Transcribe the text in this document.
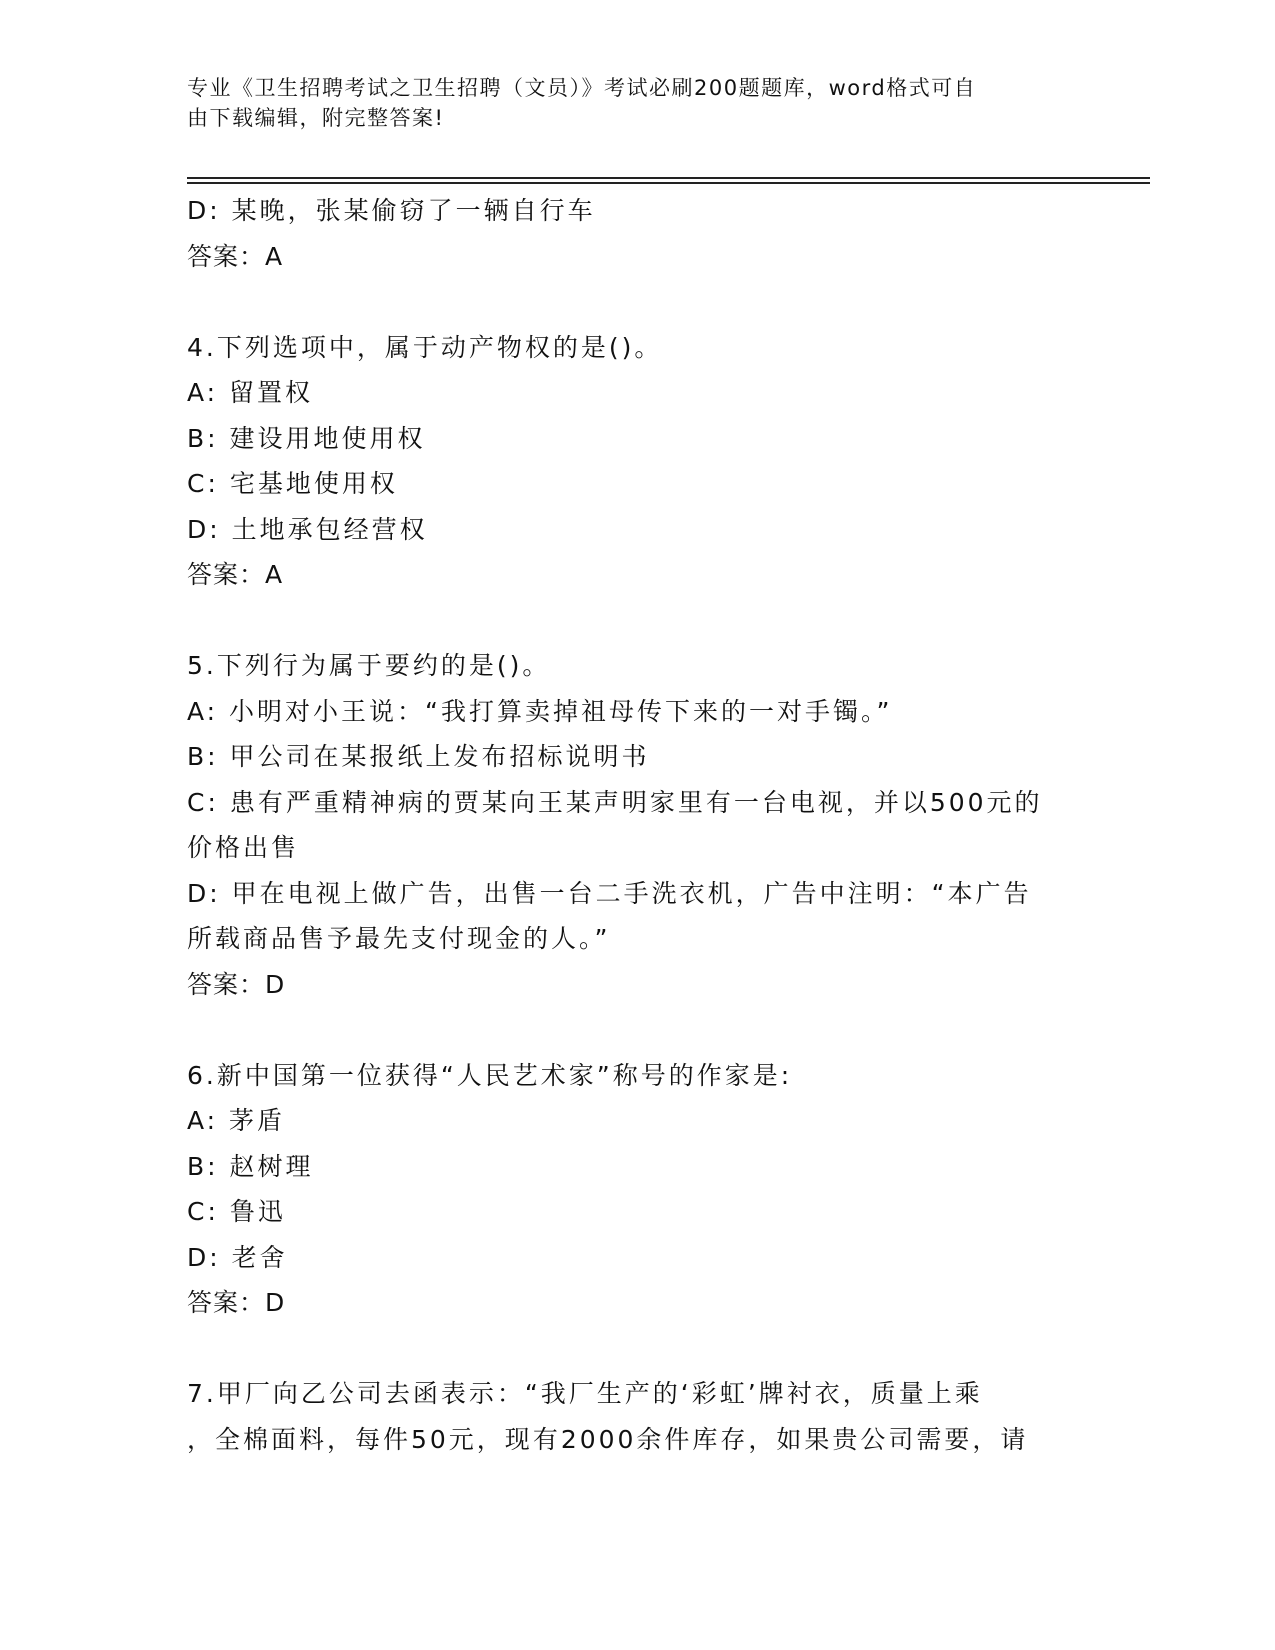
专业《卫生招聘考试之卫生招聘（文员）》考试必刷200题题库，word格式可自
由下载编辑，附完整答案!
D: 某晚，张某偷窃了一辆自行车
答案：A
4.下列选项中，属于动产物权的是()。
A: 留置权
B: 建设用地使用权
C: 宅基地使用权
D: 土地承包经营权
答案：A
5.下列行为属于要约的是()。
A: 小明对小王说：“我打算卖掉祖母传下来的一对手镯。”
B: 甲公司在某报纸上发布招标说明书
C: 患有严重精神病的贾某向王某声明家里有一台电视，并以500元的
价格出售
D: 甲在电视上做广告，出售一台二手洗衣机，广告中注明：“本广告
所载商品售予最先支付现金的人。”
答案：D
6.新中国第一位获得“人民艺术家”称号的作家是:
A: 茅盾
B: 赵树理
C: 鲁迅
D: 老舍
答案：D
7.甲厂向乙公司去函表示：“我厂生产的‘彩虹’牌衬衣，质量上乘
，全棉面料，每件50元，现有2000余件库存，如果贵公司需要，请
